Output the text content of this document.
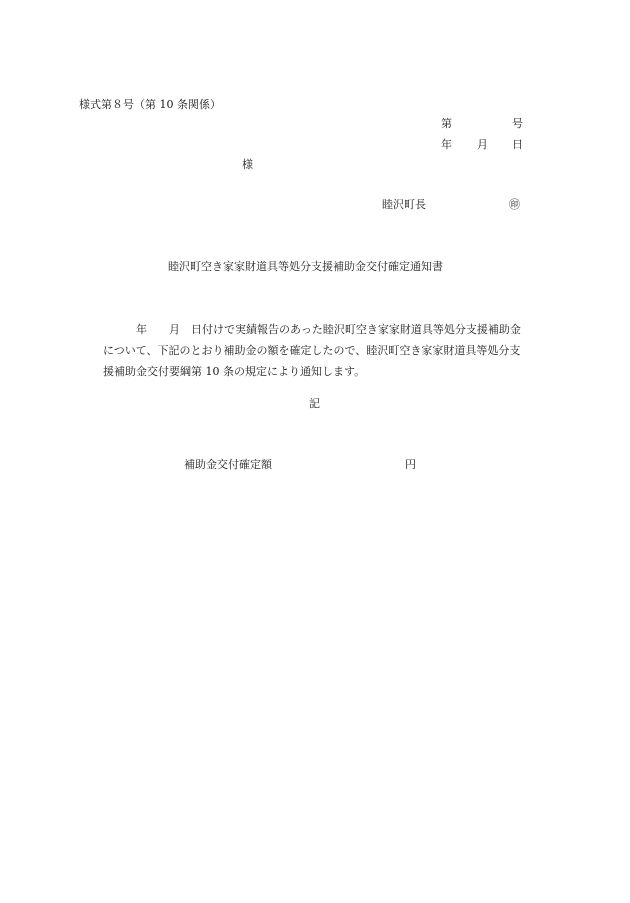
様式第８号（第 10 条関係）
第	号
年 月 日
様
睦沢町長	㊞
睦沢町空き家家財道具等処分支援補助金交付確定通知書
　　　年　　月　日付けで実績報告のあった睦沢町空き家家財道具等処分支援補助金
について、下記のとおり補助金の額を確定したので、睦沢町空き家家財道具等処分支
援補助金交付要綱第 10 条の規定により通知します。
記
補助金交付確定額	円
